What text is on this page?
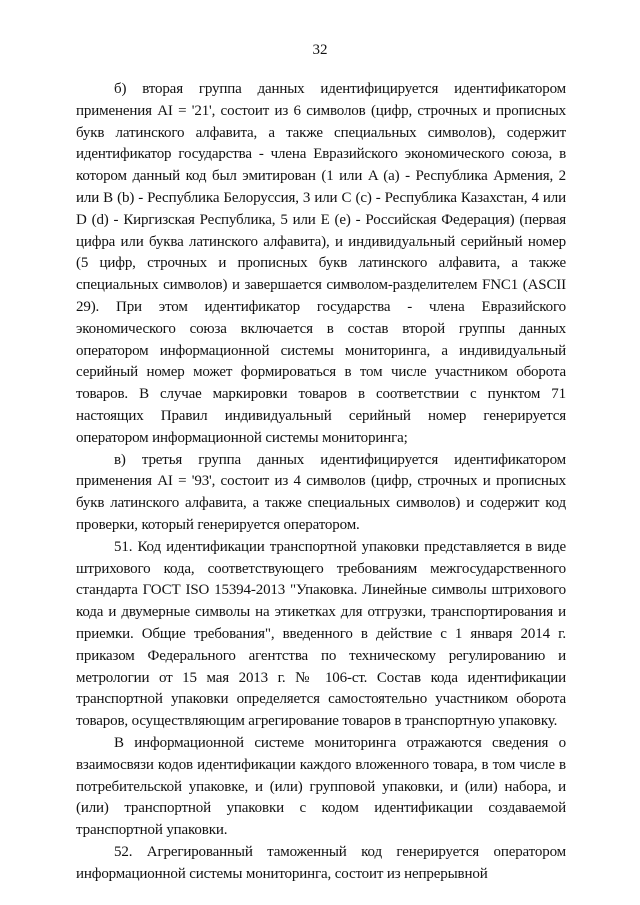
32

б) вторая группа данных идентифицируется идентификатором применения AI = '21', состоит из 6 символов (цифр, строчных и прописных букв латинского алфавита, а также специальных символов), содержит идентификатор государства - члена Евразийского экономического союза, в котором данный код был эмитирован (1 или A (a) - Республика Армения, 2 или B (b) - Республика Белоруссия, 3 или C (c) - Республика Казахстан, 4 или D (d) - Киргизская Республика, 5 или E (e) - Российская Федерация) (первая цифра или буква латинского алфавита), и индивидуальный серийный номер (5 цифр, строчных и прописных букв латинского алфавита, а также специальных символов) и завершается символом-разделителем FNC1 (ASCII 29). При этом идентификатор государства - члена Евразийского экономического союза включается в состав второй группы данных оператором информационной системы мониторинга, а индивидуальный серийный номер может формироваться в том числе участником оборота товаров. В случае маркировки товаров в соответствии с пунктом 71 настоящих Правил индивидуальный серийный номер генерируется оператором информационной системы мониторинга;

в) третья группа данных идентифицируется идентификатором применения AI = '93', состоит из 4 символов (цифр, строчных и прописных букв латинского алфавита, а также специальных символов) и содержит код проверки, который генерируется оператором.

51. Код идентификации транспортной упаковки представляется в виде штрихового кода, соответствующего требованиям межгосударственного стандарта ГОСТ ISO 15394-2013 "Упаковка. Линейные символы штрихового кода и двумерные символы на этикетках для отгрузки, транспортирования и приемки. Общие требования", введенного в действие с 1 января 2014 г. приказом Федерального агентства по техническому регулированию и метрологии от 15 мая 2013 г. № 106-ст. Состав кода идентификации транспортной упаковки определяется самостоятельно участником оборота товаров, осуществляющим агрегирование товаров в транспортную упаковку.

В информационной системе мониторинга отражаются сведения о взаимосвязи кодов идентификации каждого вложенного товара, в том числе в потребительской упаковке, и (или) групповой упаковки, и (или) набора, и (или) транспортной упаковки с кодом идентификации создаваемой транспортной упаковки.

52. Агрегированный таможенный код генерируется оператором информационной системы мониторинга, состоит из непрерывной
